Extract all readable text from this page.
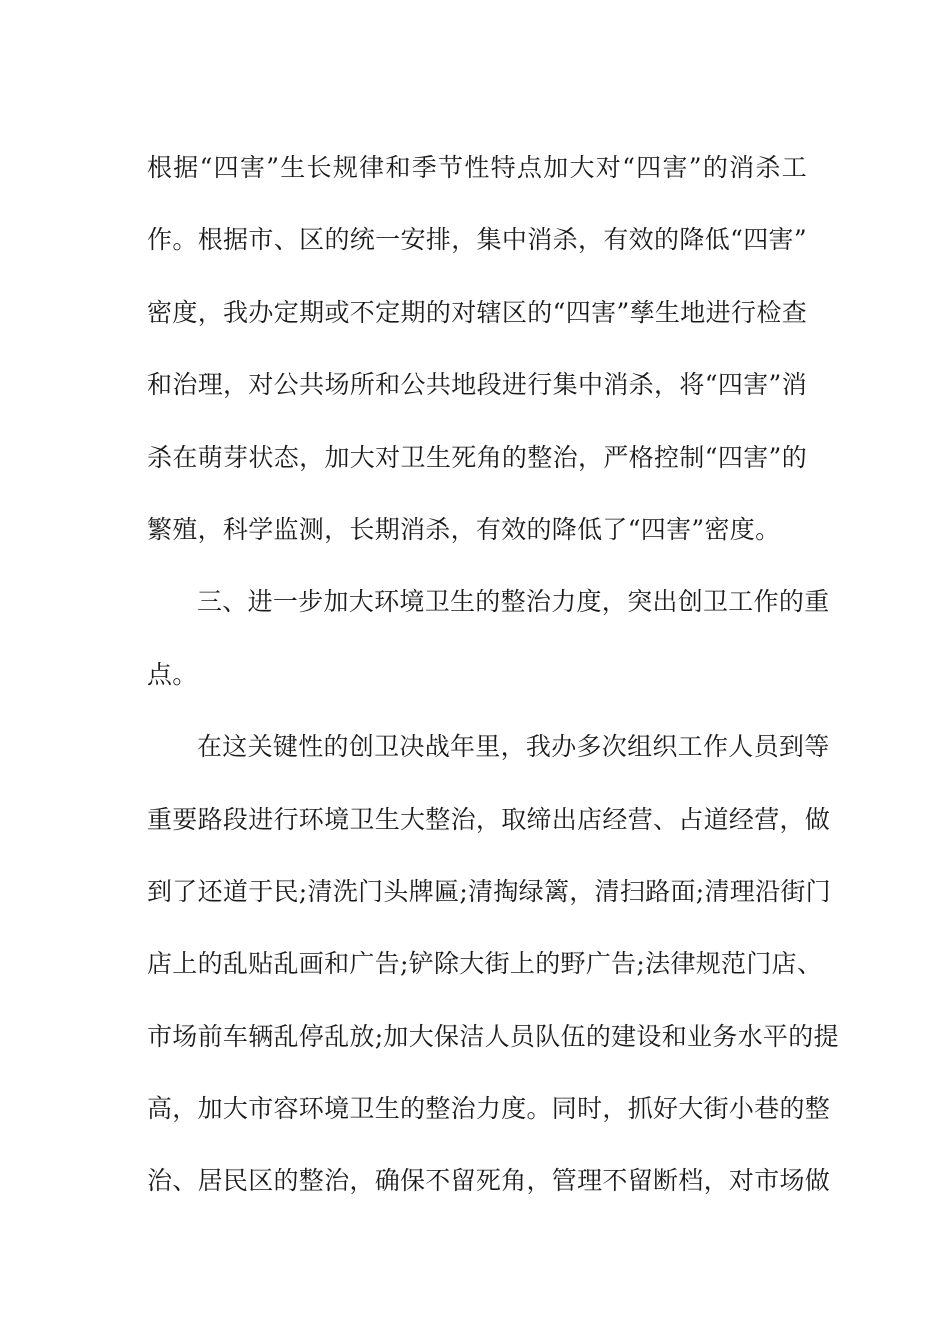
根据“四害”生长规律和季节性特点加大对“四害”的消杀工
作。根据市、区的统一安排，集中消杀，有效的降低“四害”
密度，我办定期或不定期的对辖区的“四害”孳生地进行检查
和治理，对公共场所和公共地段进行集中消杀，将“四害”消
杀在萌芽状态，加大对卫生死角的整治，严格控制“四害”的
繁殖，科学监测，长期消杀，有效的降低了“四害”密度。
三、进一步加大环境卫生的整治力度，突出创卫工作的重
点。
在这关键性的创卫决战年里，我办多次组织工作人员到等
重要路段进行环境卫生大整治，取缔出店经营、占道经营，做
到了还道于民;清洗门头牌匾;清掏绿篱，清扫路面;清理沿街门
店上的乱贴乱画和广告;铲除大街上的野广告;法律规范门店、
市场前车辆乱停乱放;加大保洁人员队伍的建设和业务水平的提
高，加大市容环境卫生的整治力度。同时，抓好大街小巷的整
治、居民区的整治，确保不留死角，管理不留断档，对市场做
